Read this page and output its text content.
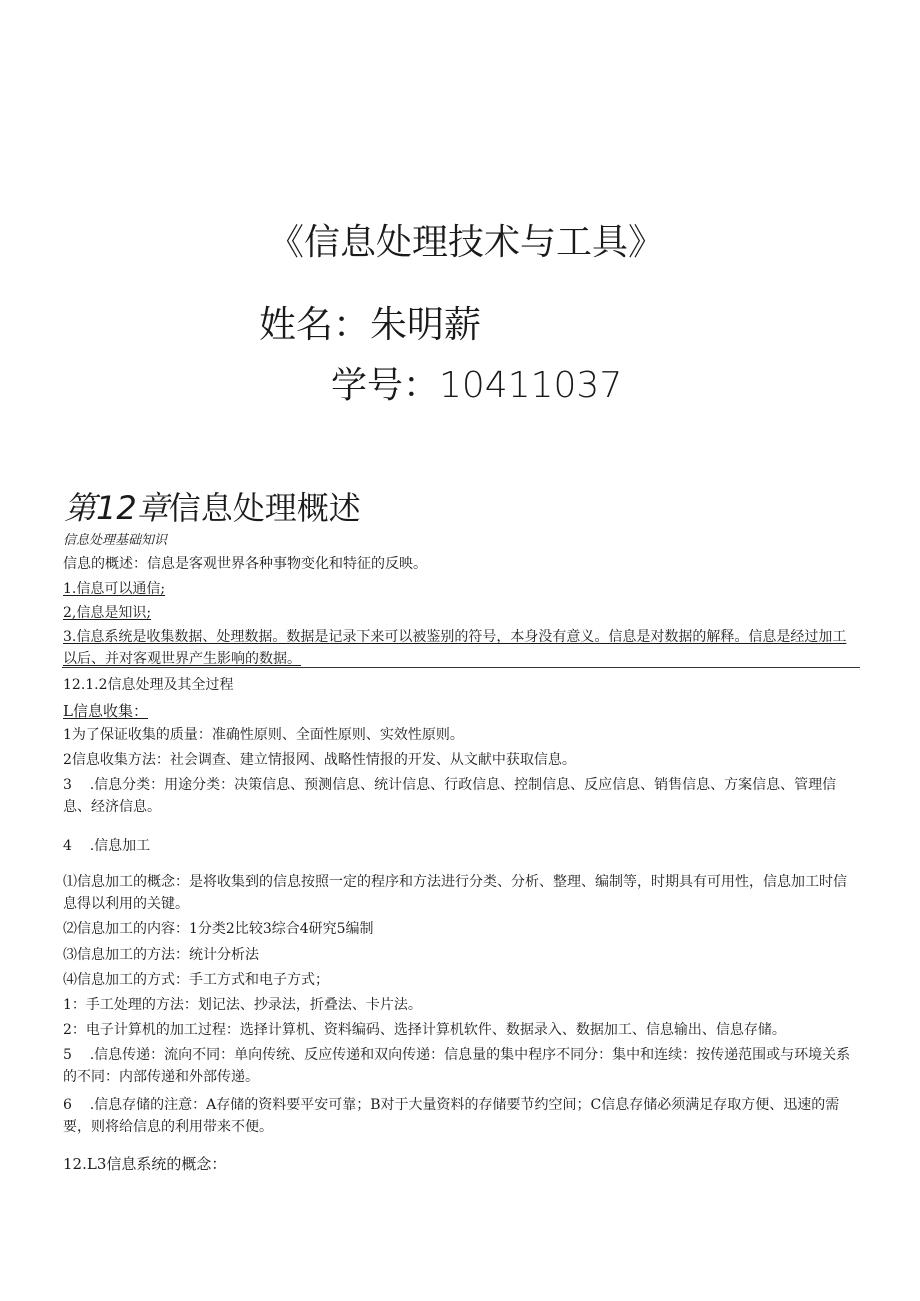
《信息处理技术与工具》
姓名：朱明薪
学号：10411037
第12章信息处理概述
信息处理基础知识
信息的概述：信息是客观世界各种事物变化和特征的反映。
1.信息可以通信;
2,信息是知识;
3.信息系统是收集数据、处理数据。数据是记录下来可以被鉴别的符号，本身没有意义。信息是对数据的解释。信息是经过加工以后、并对客观世界产生影响的数据。
12.1.2信息处理及其全过程
L信息收集：
1为了保证收集的质量：准确性原则、全面性原则、实效性原则。
2信息收集方法：社会调查、建立情报网、战略性情报的开发、从文献中获取信息。
3    .信息分类：用途分类：决策信息、预测信息、统计信息、行政信息、控制信息、反应信息、销售信息、方案信息、管理信息、经济信息。
4    .信息加工
⑴信息加工的概念：是将收集到的信息按照一定的程序和方法进行分类、分析、整理、编制等，时期具有可用性，信息加工时信息得以利用的关键。
⑵信息加工的内容：1分类2比较3综合4研究5编制
⑶信息加工的方法：统计分析法
⑷信息加工的方式：手工方式和电子方式；
1：手工处理的方法：划记法、抄录法，折叠法、卡片法。
2：电子计算机的加工过程：选择计算机、资料编码、选择计算机软件、数据录入、数据加工、信息输出、信息存储。
5    .信息传递：流向不同：单向传统、反应传递和双向传递：信息量的集中程序不同分：集中和连续：按传递范围或与环境关系的不同：内部传递和外部传递。
6    .信息存储的注意：A存储的资料要平安可靠；B对于大量资料的存储要节约空间；C信息存储必须满足存取方便、迅速的需要，则将给信息的利用带来不便。
12.L3信息系统的概念：
